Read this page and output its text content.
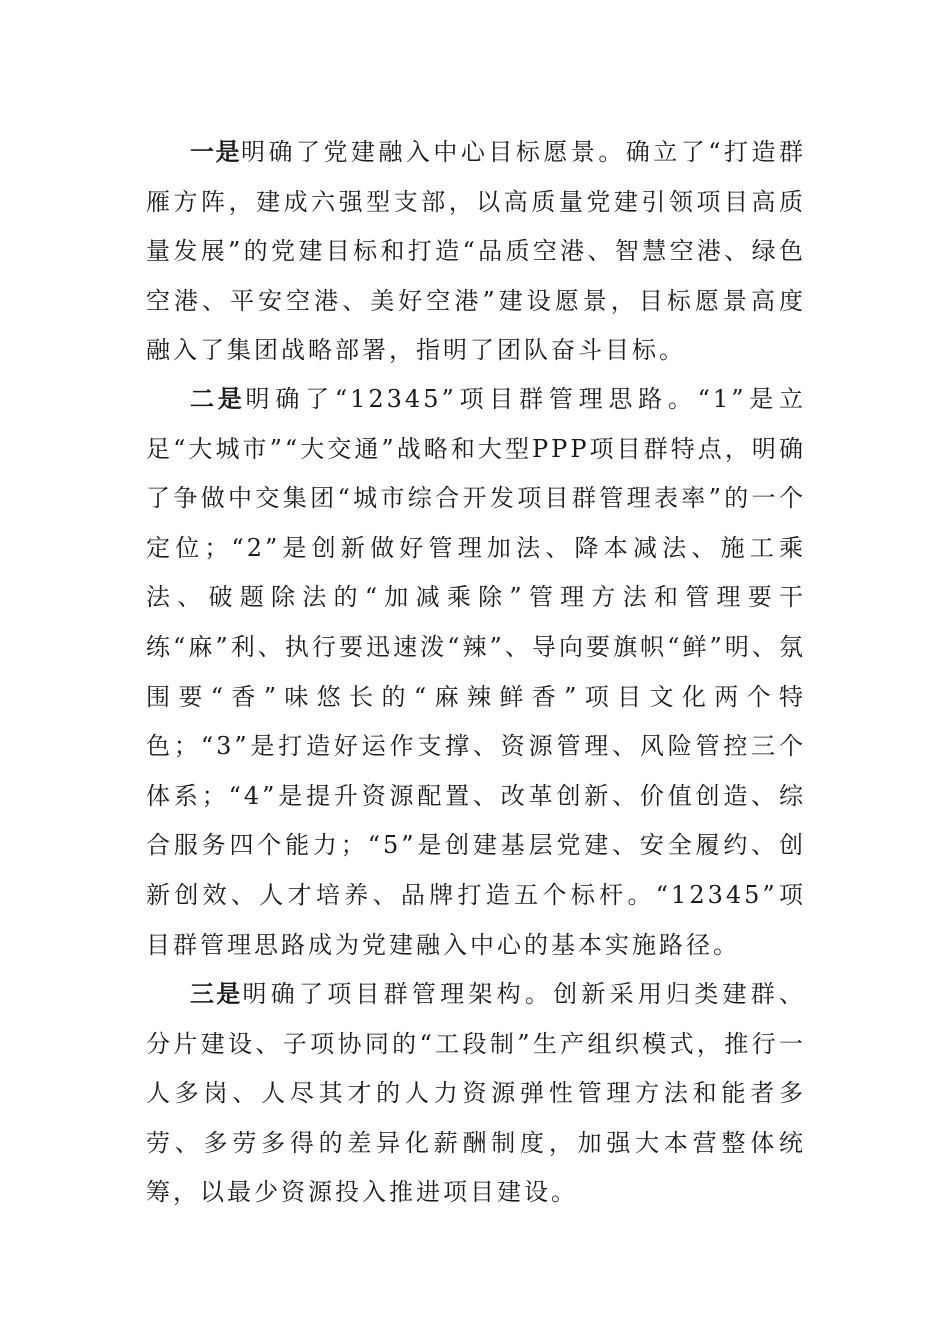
一是明确了党建融入中心目标愿景。确立了“打造群雁方阵，建成六强型支部，以高质量党建引领项目高质量发展”的党建目标和打造“品质空港、智慧空港、绿色空港、平安空港、美好空港”建设愿景，目标愿景高度融入了集团战略部署，指明了团队奋斗目标。

二是明确了“12345”项目群管理思路。“1”是立足“大城市”“大交通”战略和大型PPP项目群特点，明确了争做中交集团“城市综合开发项目群管理表率”的一个定位；“2”是创新做好管理加法、降本减法、施工乘法、破题除法的“加减乘除”管理方法和管理要干练“麻”利、执行要迅速泼“辣”、导向要旗帜“鲜”明、氛围要“香”味悠长的“麻辣鲜香”项目文化两个特色；“3”是打造好运作支撑、资源管理、风险管控三个体系；“4”是提升资源配置、改革创新、价值创造、综合服务四个能力；“5”是创建基层党建、安全履约、创新创效、人才培养、品牌打造五个标杆。“12345”项目群管理思路成为党建融入中心的基本实施路径。

三是明确了项目群管理架构。创新采用归类建群、分片建设、子项协同的“工段制”生产组织模式，推行一人多岗、人尽其才的人力资源弹性管理方法和能者多劳、多劳多得的差异化薪酬制度，加强大本营整体统筹，以最少资源投入推进项目建设。
